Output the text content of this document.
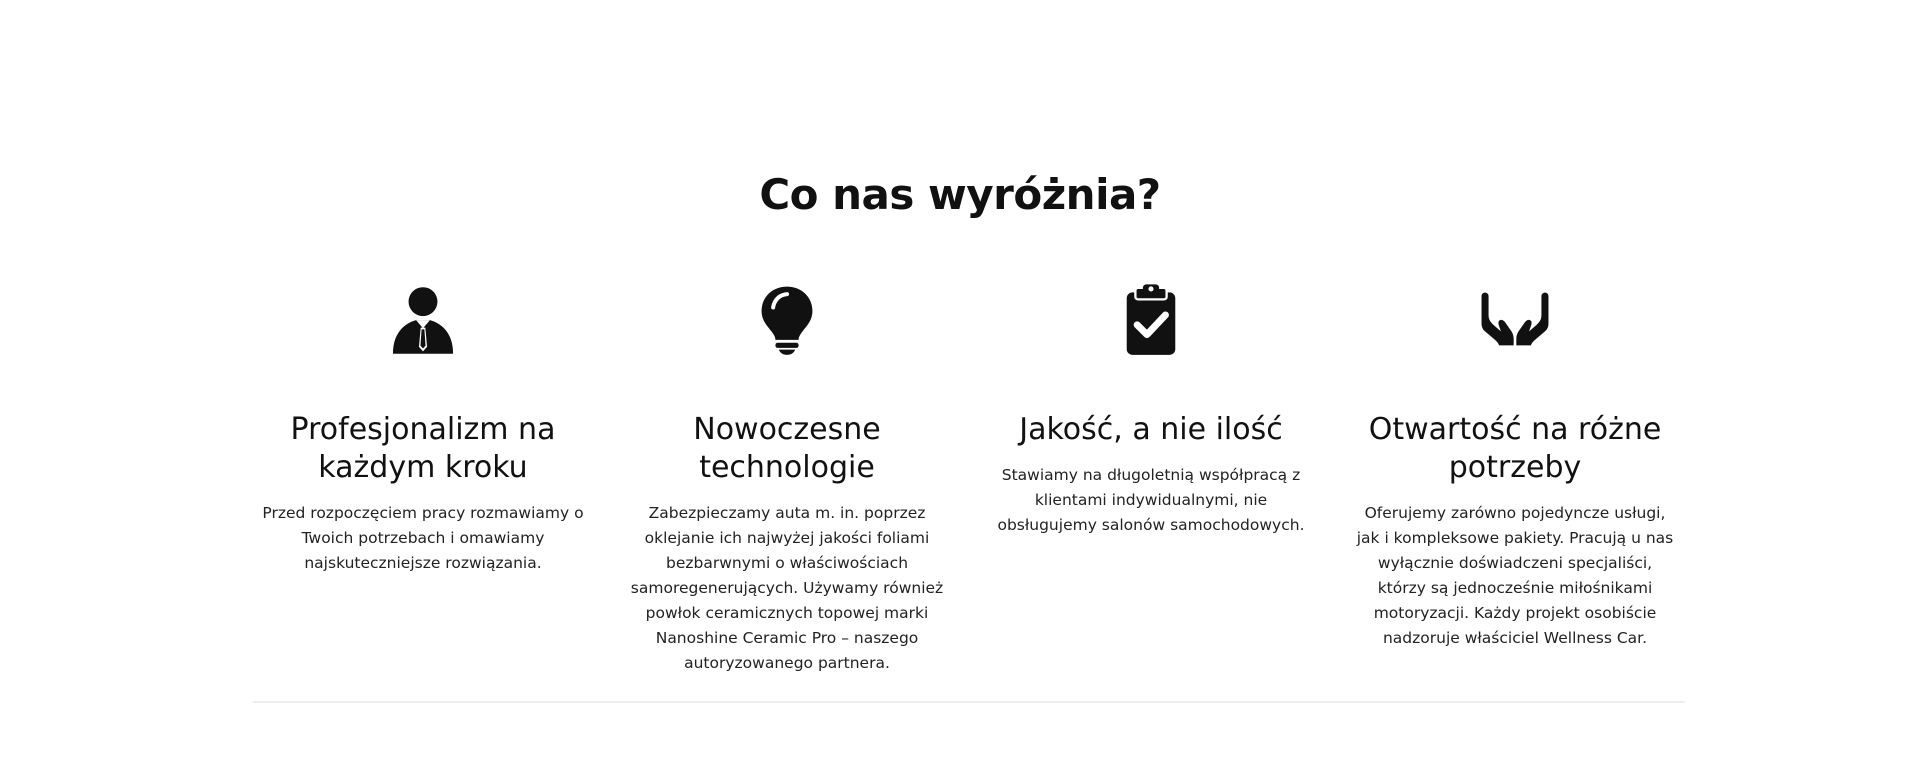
Co nas wyróżnia?
Profesjonalizm na każdym kroku

Przed rozpoczęciem pracy rozmawiamy o Twoich potrzebach i omawiamy najskuteczniejsze rozwiązania.

Nowoczesne technologie

Zabezpieczamy auta m. in. poprzez oklejanie ich najwyżej jakości foliami bezbarwnymi o właściwościach samoregenerujących. Używamy również powłok ceramicznych topowej marki Nanoshine Ceramic Pro – naszego autoryzowanego partnera.

Jakość, a nie ilość

Stawiamy na długoletnią współpracą z klientami indywidualnymi, nie obsługujemy salonów samochodowych.

Otwartość na różne potrzeby

Oferujemy zarówno pojedyncze usługi, jak i kompleksowe pakiety. Pracują u nas wyłącznie doświadczeni specjaliści, którzy są jednocześnie miłośnikami motoryzacji. Każdy projekt osobiście nadzoruje właściciel Wellness Car.
